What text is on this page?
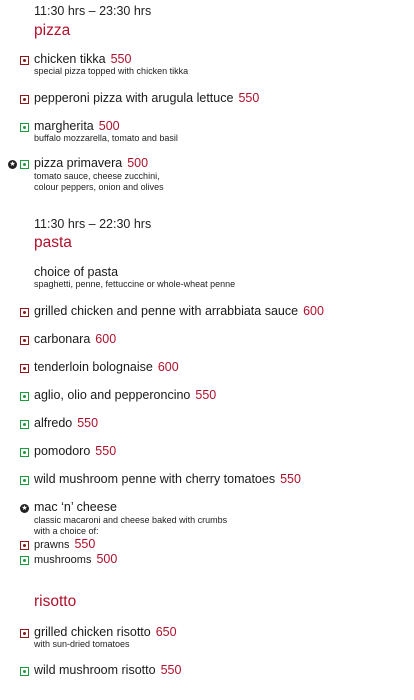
11:30 hrs – 23:30 hrs
pizza
chicken tikka 550
special pizza topped with chicken tikka
pepperoni pizza with arugula lettuce 550
margherita 500
buffalo mozzarella, tomato and basil
★ pizza primavera 500
tomato sauce, cheese zucchini,
colour peppers, onion and olives
11:30 hrs – 22:30 hrs
pasta
choice of pasta
spaghetti, penne, fettuccine or whole-wheat penne
grilled chicken and penne with arrabbiata sauce 600
carbonara 600
tenderloin bolognaise 600
aglio, olio and pepperoncino 550
alfredo 550
pomodoro 550
wild mushroom penne with cherry tomatoes 550
★ mac ‘n’ cheese
classic macaroni and cheese baked with crumbs
with a choice of:
prawns 550
mushrooms 500
risotto
grilled chicken risotto 650
with sun-dried tomatoes
wild mushroom risotto 550
